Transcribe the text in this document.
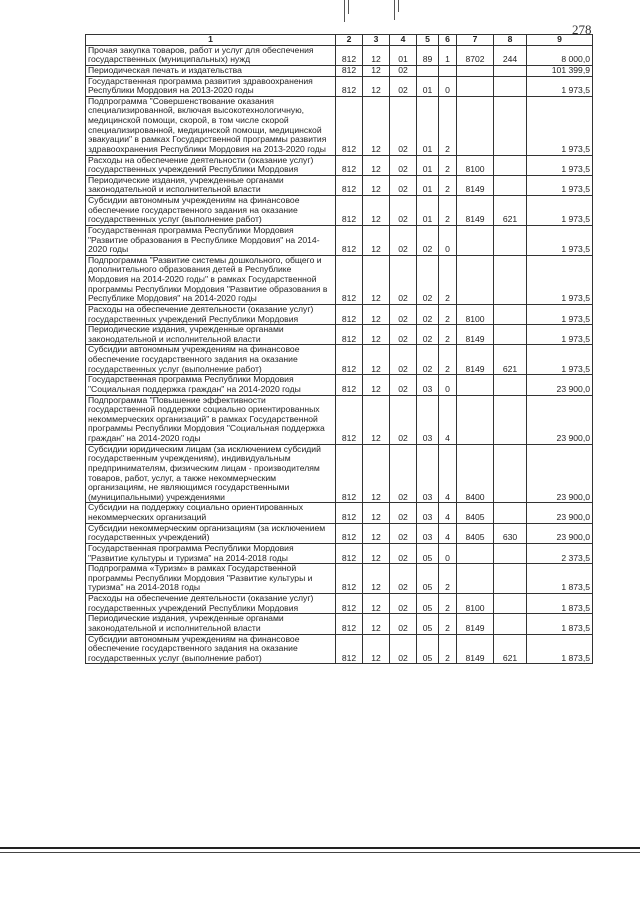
278
1	2	3	4	5	6	7	8	9
Прочая закупка товаров, работ и услуг для обеспечения государственных (муниципальных) нужд	812	12	01	89	1	8702	244	8 000,0
Периодическая печать и издательства	812	12	02					101 399,9
Государственная программа развития здравоохранения Республики Мордовия на 2013-2020 годы	812	12	02	01	0			1 973,5
Подпрограмма "Совершенствование оказания специализированной, включая высокотехнологичную, медицинской помощи, скорой, в том числе скорой специализированной, медицинской помощи, медицинской эвакуации" в рамках Государственной программы развития здравоохранения Республики Мордовия на 2013-2020 годы	812	12	02	01	2			1 973,5
Расходы на обеспечение деятельности (оказание услуг) государственных учреждений Республики Мордовия	812	12	02	01	2	8100		1 973,5
Периодические издания, учрежденные органами законодательной и исполнительной власти	812	12	02	01	2	8149		1 973,5
Субсидии автономным учреждениям на финансовое обеспечение государственного задания на оказание государственных услуг (выполнение работ)	812	12	02	01	2	8149	621	1 973,5
Государственная программа Республики Мордовия "Развитие образования в Республике Мордовия" на 2014-2020 годы	812	12	02	02	0			1 973,5
Подпрограмма "Развитие системы дошкольного, общего и дополнительного образования детей в Республике Мордовия на 2014-2020 годы" в рамках Государственной программы Республики Мордовия "Развитие образования в Республике Мордовия" на 2014-2020 годы	812	12	02	02	2			1 973,5
Расходы на обеспечение деятельности (оказание услуг) государственных учреждений Республики Мордовия	812	12	02	02	2	8100		1 973,5
Периодические издания, учрежденные органами законодательной и исполнительной власти	812	12	02	02	2	8149		1 973,5
Субсидии автономным учреждениям на финансовое обеспечение государственного задания на оказание государственных услуг (выполнение работ)	812	12	02	02	2	8149	621	1 973,5
Государственная программа Республики Мордовия "Социальная поддержка граждан" на 2014-2020 годы	812	12	02	03	0			23 900,0
Подпрограмма "Повышение эффективности государственной поддержки социально ориентированных некоммерческих организаций" в рамках Государственной программы Республики Мордовия "Социальная поддержка граждан" на 2014-2020 годы	812	12	02	03	4			23 900,0
Субсидии юридическим лицам (за исключением субсидий государственным учреждениям), индивидуальным предпринимателям, физическим лицам - производителям товаров, работ, услуг, а также некоммерческим организациям, не являющимся государственными (муниципальными) учреждениями	812	12	02	03	4	8400		23 900,0
Субсидии на поддержку социально ориентированных некоммерческих организаций	812	12	02	03	4	8405		23 900,0
Субсидии некоммерческим организациям (за исключением государственных учреждений)	812	12	02	03	4	8405	630	23 900,0
Государственная программа Республики Мордовия "Развитие культуры и туризма" на 2014-2018 годы	812	12	02	05	0			2 373,5
Подпрограмма «Туризм» в рамках Государственной программы Республики Мордовия "Развитие культуры и туризма" на 2014-2018 годы	812	12	02	05	2			1 873,5
Расходы на обеспечение деятельности (оказание услуг) государственных учреждений Республики Мордовия	812	12	02	05	2	8100		1 873,5
Периодические издания, учрежденные органами законодательной и исполнительной власти	812	12	02	05	2	8149		1 873,5
Субсидии автономным учреждениям на финансовое обеспечение государственного задания на оказание государственных услуг (выполнение работ)	812	12	02	05	2	8149	621	1 873,5
